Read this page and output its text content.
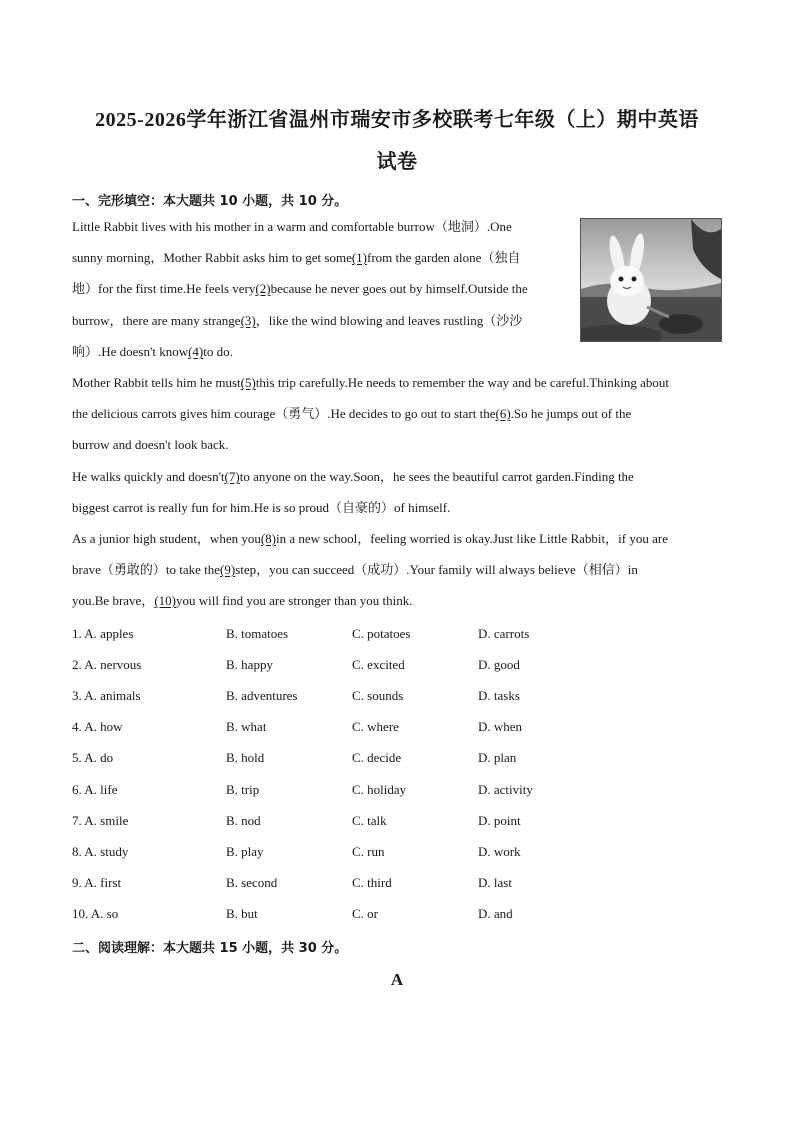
2025-2026学年浙江省温州市瑞安市多校联考七年级（上）期中英语
试卷
一、完形填空：本大题共 10 小题，共 10 分。
Little Rabbit lives with his mother in a warm and comfortable burrow（地洞）.One
sunny morning，Mother Rabbit asks him to get some(1)from the garden alone（独自
地）for the first time.He feels very(2)because he never goes out by himself.Outside the
burrow，there are many strange(3)，like the wind blowing and leaves rustling（沙沙
响）.He doesn't know(4)to do.
Mother Rabbit tells him he must(5)this trip carefully.He needs to remember the way and be careful.Thinking about
the delicious carrots gives him courage（勇气）.He decides to go out to start the(6).So he jumps out of the
burrow and doesn't look back.
He walks quickly and doesn't(7)to anyone on the way.Soon，he sees the beautiful carrot garden.Finding the
biggest carrot is really fun for him.He is so proud（自豪的）of himself.
As a junior high student，when you(8)in a new school，feeling worried is okay.Just like Little Rabbit，if you are
brave（勇敢的）to take the(9)step，you can succeed（成功）.Your family will always believe（相信）in
you.Be brave，(10)you will find you are stronger than you think.
1. A. apples	B. tomatoes	C. potatoes	D. carrots
2. A. nervous	B. happy	C. excited	D. good
3. A. animals	B. adventures	C. sounds	D. tasks
4. A. how	B. what	C. where	D. when
5. A. do	B. hold	C. decide	D. plan
6. A. life	B. trip	C. holiday	D. activity
7. A. smile	B. nod	C. talk	D. point
8. A. study	B. play	C. run	D. work
9. A. first	B. second	C. third	D. last
10. A. so	B. but	C. or	D. and
二、阅读理解：本大题共 15 小题，共 30 分。
A
